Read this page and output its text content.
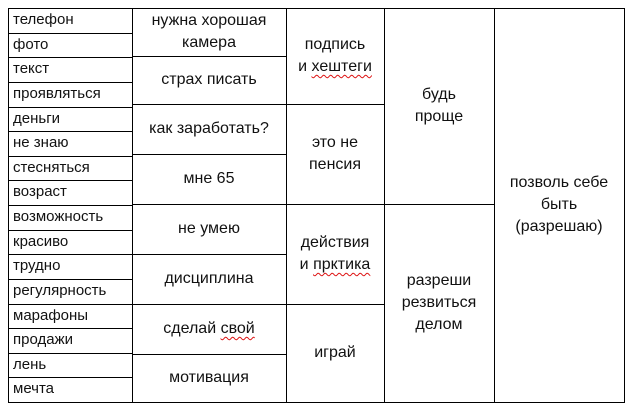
телефон
фото
текст
проявляться
деньги
не знаю
стесняться
возраст
возможность
красиво
трудно
регулярность
марафоны
продажи
лень
мечта
нужна хорошая
камера
страх писать
как заработать?
мне 65
не умею
дисциплина
сделай свой
мотивация
подпись
и хештеги
это не
пенсия
действия
и прктика
играй
будь
проще
разреши
резвиться
делом
позволь себе
быть
(разрешаю)
